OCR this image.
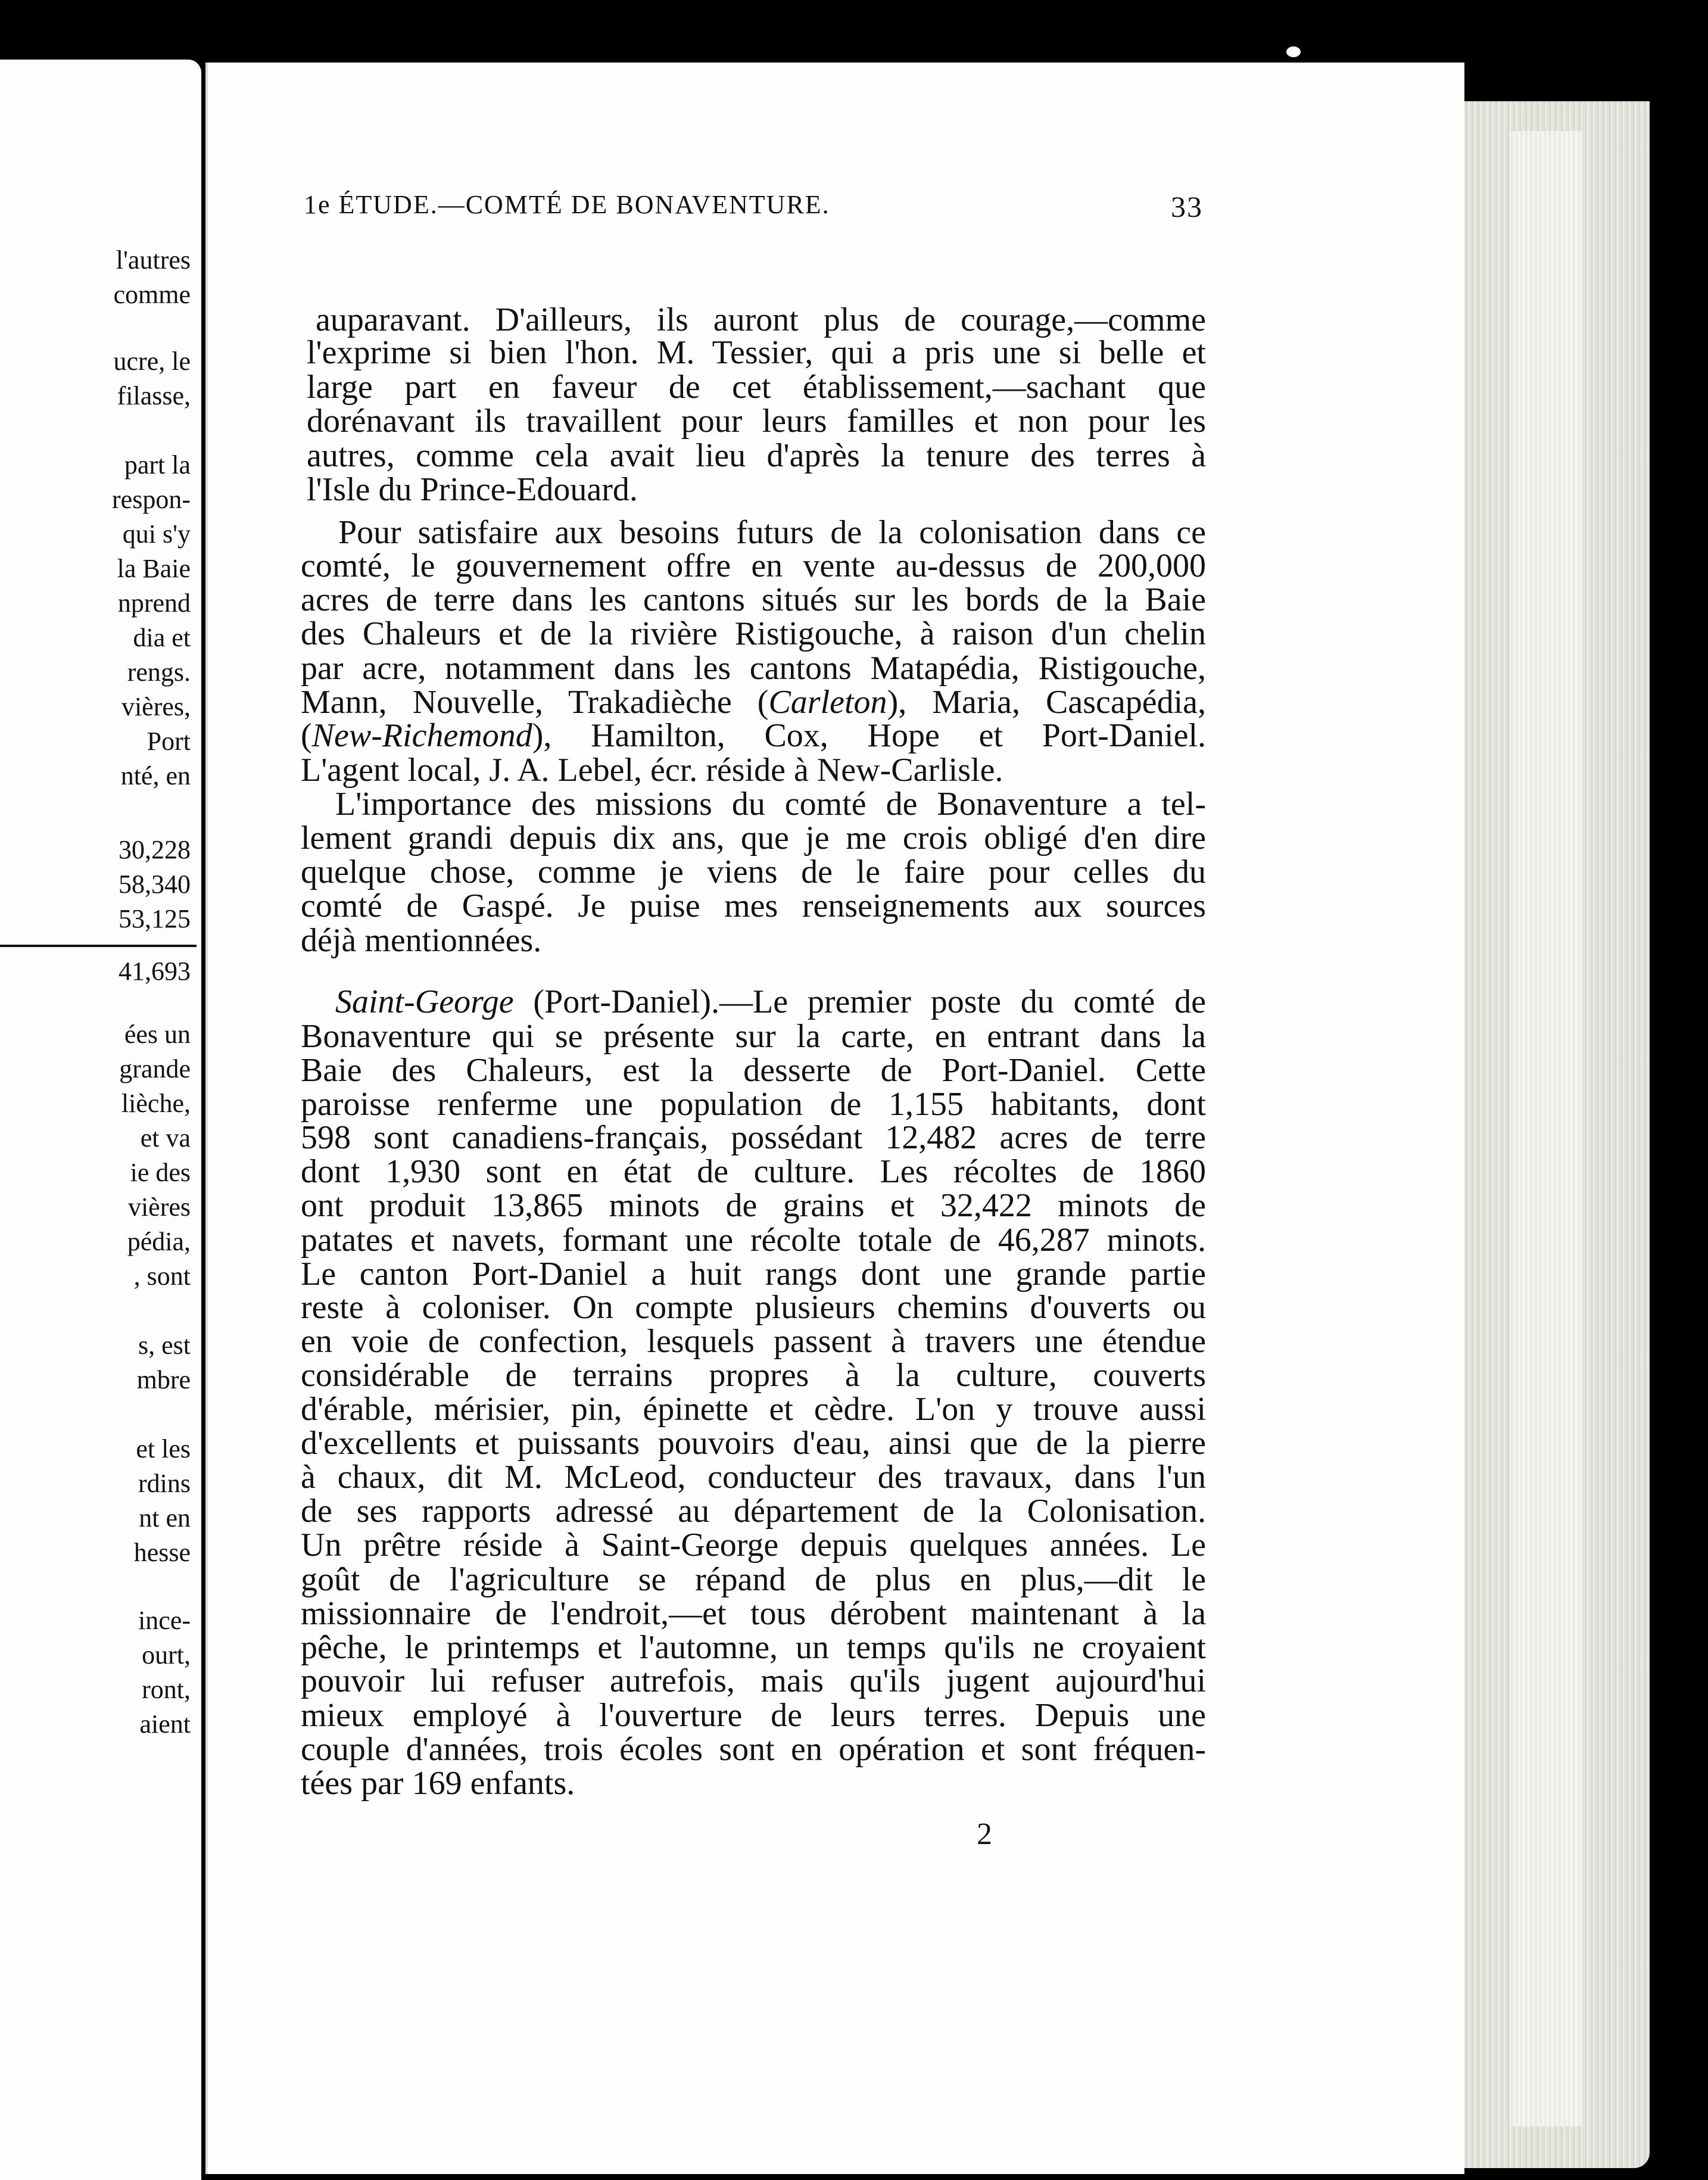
l'autres
comme
ucre, le
filasse,
part la
respon-
qui s'y
la Baie
nprend
dia et
rengs.
vières,
Port
nté, en
30,228
58,340
53,125
41,693
ées un
grande
lièche,
et va
ie des
vières
pédia,
, sont
s, est
mbre
et les
rdins
nt en
hesse
ince-
ourt,
ront,
aient
1e ÉTUDE.—COMTÉ DE BONAVENTURE.	33
auparavant. D'ailleurs, ils auront plus de courage,—comme
l'exprime si bien l'hon. M. Tessier, qui a pris une si belle et
large part en faveur de cet établissement,—sachant que
dorénavant ils travaillent pour leurs familles et non pour les
autres, comme cela avait lieu d'après la tenure des terres à
l'Isle du Prince-Edouard.
Pour satisfaire aux besoins futurs de la colonisation dans ce
comté, le gouvernement offre en vente au-dessus de 200,000
acres de terre dans les cantons situés sur les bords de la Baie
des Chaleurs et de la rivière Ristigouche, à raison d'un chelin
par acre, notamment dans les cantons Matapédia, Ristigouche,
Mann, Nouvelle, Trakadièche (Carleton), Maria, Cascapédia,
(New-Richemond), Hamilton, Cox, Hope et Port-Daniel.
L'agent local, J. A. Lebel, écr. réside à New-Carlisle.
L'importance des missions du comté de Bonaventure a tel-
lement grandi depuis dix ans, que je me crois obligé d'en dire
quelque chose, comme je viens de le faire pour celles du
comté de Gaspé. Je puise mes renseignements aux sources
déjà mentionnées.
Saint-George (Port-Daniel).—Le premier poste du comté de
Bonaventure qui se présente sur la carte, en entrant dans la
Baie des Chaleurs, est la desserte de Port-Daniel. Cette
paroisse renferme une population de 1,155 habitants, dont
598 sont canadiens-français, possédant 12,482 acres de terre
dont 1,930 sont en état de culture. Les récoltes de 1860
ont produit 13,865 minots de grains et 32,422 minots de
patates et navets, formant une récolte totale de 46,287 minots.
Le canton Port-Daniel a huit rangs dont une grande partie
reste à coloniser. On compte plusieurs chemins d'ouverts ou
en voie de confection, lesquels passent à travers une étendue
considérable de terrains propres à la culture, couverts
d'érable, mérisier, pin, épinette et cèdre. L'on y trouve aussi
d'excellents et puissants pouvoirs d'eau, ainsi que de la pierre
à chaux, dit M. McLeod, conducteur des travaux, dans l'un
de ses rapports adressé au département de la Colonisation.
Un prêtre réside à Saint-George depuis quelques années. Le
goût de l'agriculture se répand de plus en plus,—dit le
missionnaire de l'endroit,—et tous dérobent maintenant à la
pêche, le printemps et l'automne, un temps qu'ils ne croyaient
pouvoir lui refuser autrefois, mais qu'ils jugent aujourd'hui
mieux employé à l'ouverture de leurs terres. Depuis une
couple d'années, trois écoles sont en opération et sont fréquen-
tées par 169 enfants.
2
